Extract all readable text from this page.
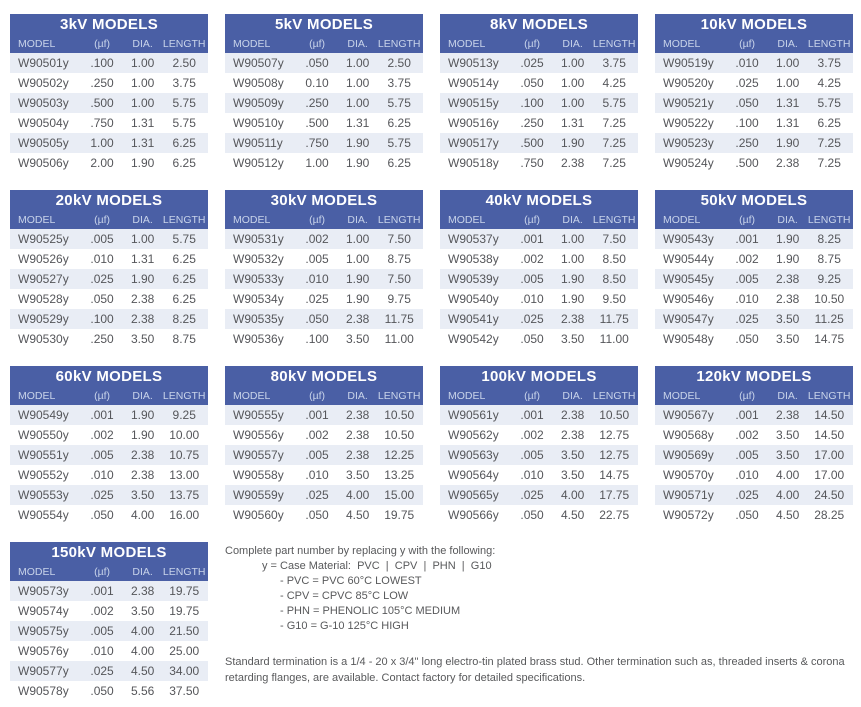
3kV MODELS
MODEL	(µf)	DIA.	LENGTH
W90501y	.100	1.00	2.50
W90502y	.250	1.00	3.75
W90503y	.500	1.00	5.75
W90504y	.750	1.31	5.75
W90505y	1.00	1.31	6.25
W90506y	2.00	1.90	6.25
5kV MODELS
MODEL	(µf)	DIA.	LENGTH
W90507y	.050	1.00	2.50
W90508y	0.10	1.00	3.75
W90509y	.250	1.00	5.75
W90510y	.500	1.31	6.25
W90511y	.750	1.90	5.75
W90512y	1.00	1.90	6.25
8kV MODELS
MODEL	(µf)	DIA.	LENGTH
W90513y	.025	1.00	3.75
W90514y	.050	1.00	4.25
W90515y	.100	1.00	5.75
W90516y	.250	1.31	7.25
W90517y	.500	1.90	7.25
W90518y	.750	2.38	7.25
10kV MODELS
MODEL	(µf)	DIA.	LENGTH
W90519y	.010	1.00	3.75
W90520y	.025	1.00	4.25
W90521y	.050	1.31	5.75
W90522y	.100	1.31	6.25
W90523y	.250	1.90	7.25
W90524y	.500	2.38	7.25
20kV MODELS
MODEL	(µf)	DIA.	LENGTH
W90525y	.005	1.00	5.75
W90526y	.010	1.31	6.25
W90527y	.025	1.90	6.25
W90528y	.050	2.38	6.25
W90529y	.100	2.38	8.25
W90530y	.250	3.50	8.75
30kV MODELS
MODEL	(µf)	DIA.	LENGTH
W90531y	.002	1.00	7.50
W90532y	.005	1.00	8.75
W90533y	.010	1.90	7.50
W90534y	.025	1.90	9.75
W90535y	.050	2.38	11.75
W90536y	.100	3.50	11.00
40kV MODELS
MODEL	(µf)	DIA.	LENGTH
W90537y	.001	1.00	7.50
W90538y	.002	1.00	8.50
W90539y	.005	1.90	8.50
W90540y	.010	1.90	9.50
W90541y	.025	2.38	11.75
W90542y	.050	3.50	11.00
50kV MODELS
MODEL	(µf)	DIA.	LENGTH
W90543y	.001	1.90	8.25
W90544y	.002	1.90	8.75
W90545y	.005	2.38	9.25
W90546y	.010	2.38	10.50
W90547y	.025	3.50	11.25
W90548y	.050	3.50	14.75
60kV MODELS
MODEL	(µf)	DIA.	LENGTH
W90549y	.001	1.90	9.25
W90550y	.002	1.90	10.00
W90551y	.005	2.38	10.75
W90552y	.010	2.38	13.00
W90553y	.025	3.50	13.75
W90554y	.050	4.00	16.00
80kV MODELS
MODEL	(µf)	DIA.	LENGTH
W90555y	.001	2.38	10.50
W90556y	.002	2.38	10.50
W90557y	.005	2.38	12.25
W90558y	.010	3.50	13.25
W90559y	.025	4.00	15.00
W90560y	.050	4.50	19.75
100kV MODELS
MODEL	(µf)	DIA.	LENGTH
W90561y	.001	2.38	10.50
W90562y	.002	2.38	12.75
W90563y	.005	3.50	12.75
W90564y	.010	3.50	14.75
W90565y	.025	4.00	17.75
W90566y	.050	4.50	22.75
120kV MODELS
MODEL	(µf)	DIA.	LENGTH
W90567y	.001	2.38	14.50
W90568y	.002	3.50	14.50
W90569y	.005	3.50	17.00
W90570y	.010	4.00	17.00
W90571y	.025	4.00	24.50
W90572y	.050	4.50	28.25
150kV MODELS
MODEL	(µf)	DIA.	LENGTH
W90573y	.001	2.38	19.75
W90574y	.002	3.50	19.75
W90575y	.005	4.00	21.50
W90576y	.010	4.00	25.00
W90577y	.025	4.50	34.00
W90578y	.050	5.56	37.50
Complete part number by replacing y with the following:
y = Case Material:  PVC  |  CPV  |  PHN  |  G10
- PVC = PVC 60°C LOWEST
- CPV = CPVC 85°C LOW
- PHN = PHENOLIC 105°C MEDIUM
- G10 = G-10 125°C HIGH

Standard termination is a 1/4 - 20 x 3/4" long electro-tin plated brass stud. Other termination such as, threaded inserts & corona retarding flanges, are available. Contact factory for detailed specifications.
